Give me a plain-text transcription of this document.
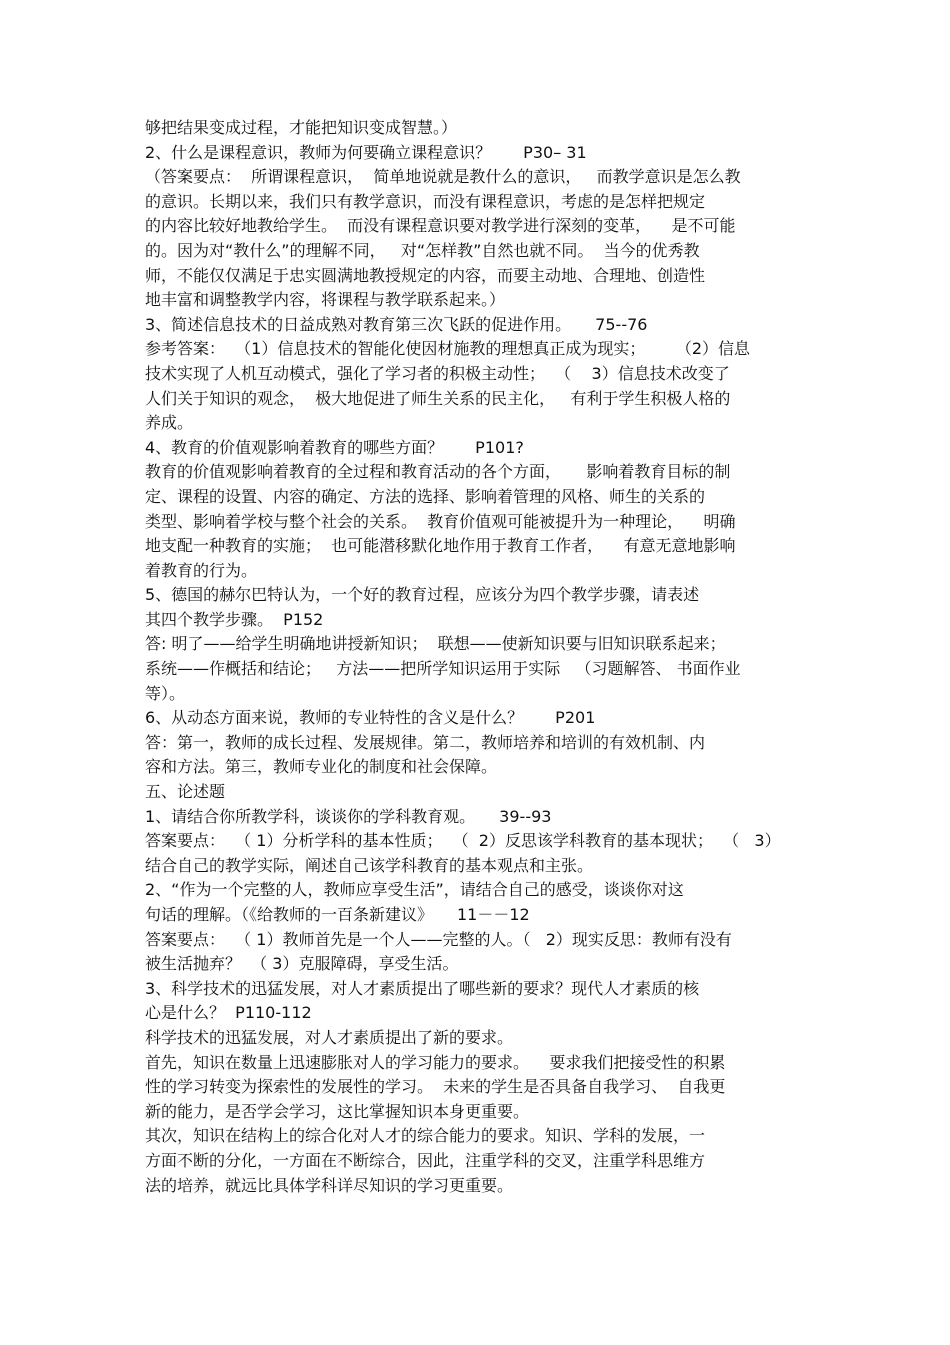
够把结果变成过程，才能把知识变成智慧。）
2、什么是课程意识，教师为何要确立课程意识？　　P30– 31
（答案要点：  所谓课程意识，  简单地说就是教什么的意识，   而教学意识是怎么教
的意识。长期以来，我们只有教学意识，而没有课程意识，考虑的是怎样把规定
的内容比较好地教给学生。  而没有课程意识要对教学进行深刻的变革，    是不可能
的。因为对“教什么”的理解不同，   对“怎样教”自然也就不同。  当今的优秀教
师，不能仅仅满足于忠实圆满地教授规定的内容，而要主动地、合理地、创造性
地丰富和调整教学内容，将课程与教学联系起来。）
3、简述信息技术的日益成熟对教育第三次飞跃的促进作用。　　75--76
参考答案：  （1）信息技术的智能化使因材施教的理想真正成为现实；      （2）信息
技术实现了人机互动模式，强化了学习者的积极主动性；  （    3）信息技术改变了
人们关于知识的观念，  极大地促进了师生关系的民主化，   有利于学生积极人格的
养成。
4、教育的价值观影响着教育的哪些方面？　　P101?
教育的价值观影响着教育的全过程和教育活动的各个方面，     影响着教育目标的制
定、课程的设置、内容的确定、方法的选择、影响着管理的风格、师生的关系的
类型、影响着学校与整个社会的关系。  教育价值观可能被提升为一种理论，    明确
地支配一种教育的实施；  也可能潜移默化地作用于教育工作者，    有意无意地影响
着教育的行为。
5、德国的赫尔巴特认为，一个好的教育过程，应该分为四个教学步骤，请表述
其四个教学步骤。  P152
答: 明了——给学生明确地讲授新知识；  联想——使新知识要与旧知识联系起来；
系统——作概括和结论；   方法——把所学知识运用于实际   （习题解答、 书面作业
等）。
6、从动态方面来说，教师的专业特性的含义是什么？　　P201
答：第一，教师的成长过程、发展规律。第二，教师培养和培训的有效机制、内
容和方法。第三，教师专业化的制度和社会保障。
五、论述题
1、请结合你所教学科，谈谈你的学科教育观。　　39--93
答案要点：  （ 1）分析学科的基本性质；  （  2）反思该学科教育的基本现状；  （   3）
结合自己的教学实际，阐述自己该学科教育的基本观点和主张。
2、“作为一个完整的人，教师应享受生活”，请结合自己的感受，谈谈你对这
句话的理解。（《给教师的一百条新建议》　　11－－12
答案要点：  （ 1）教师首先是一个人——完整的人。（   2）现实反思：教师有没有
被生活抛弃？  （ 3）克服障碍，享受生活。
3、科学技术的迅猛发展，对人才素质提出了哪些新的要求？现代人才素质的核
心是什么？  P110-112
科学技术的迅猛发展，对人才素质提出了新的要求。
首先，知识在数量上迅速膨胀对人的学习能力的要求。    要求我们把接受性的积累
性的学习转变为探索性的发展性的学习。  未来的学生是否具备自我学习、  自我更
新的能力，是否学会学习，这比掌握知识本身更重要。
其次，知识在结构上的综合化对人才的综合能力的要求。知识、学科的发展，一
方面不断的分化，一方面在不断综合，因此，注重学科的交叉，注重学科思维方
法的培养，就远比具体学科详尽知识的学习更重要。
